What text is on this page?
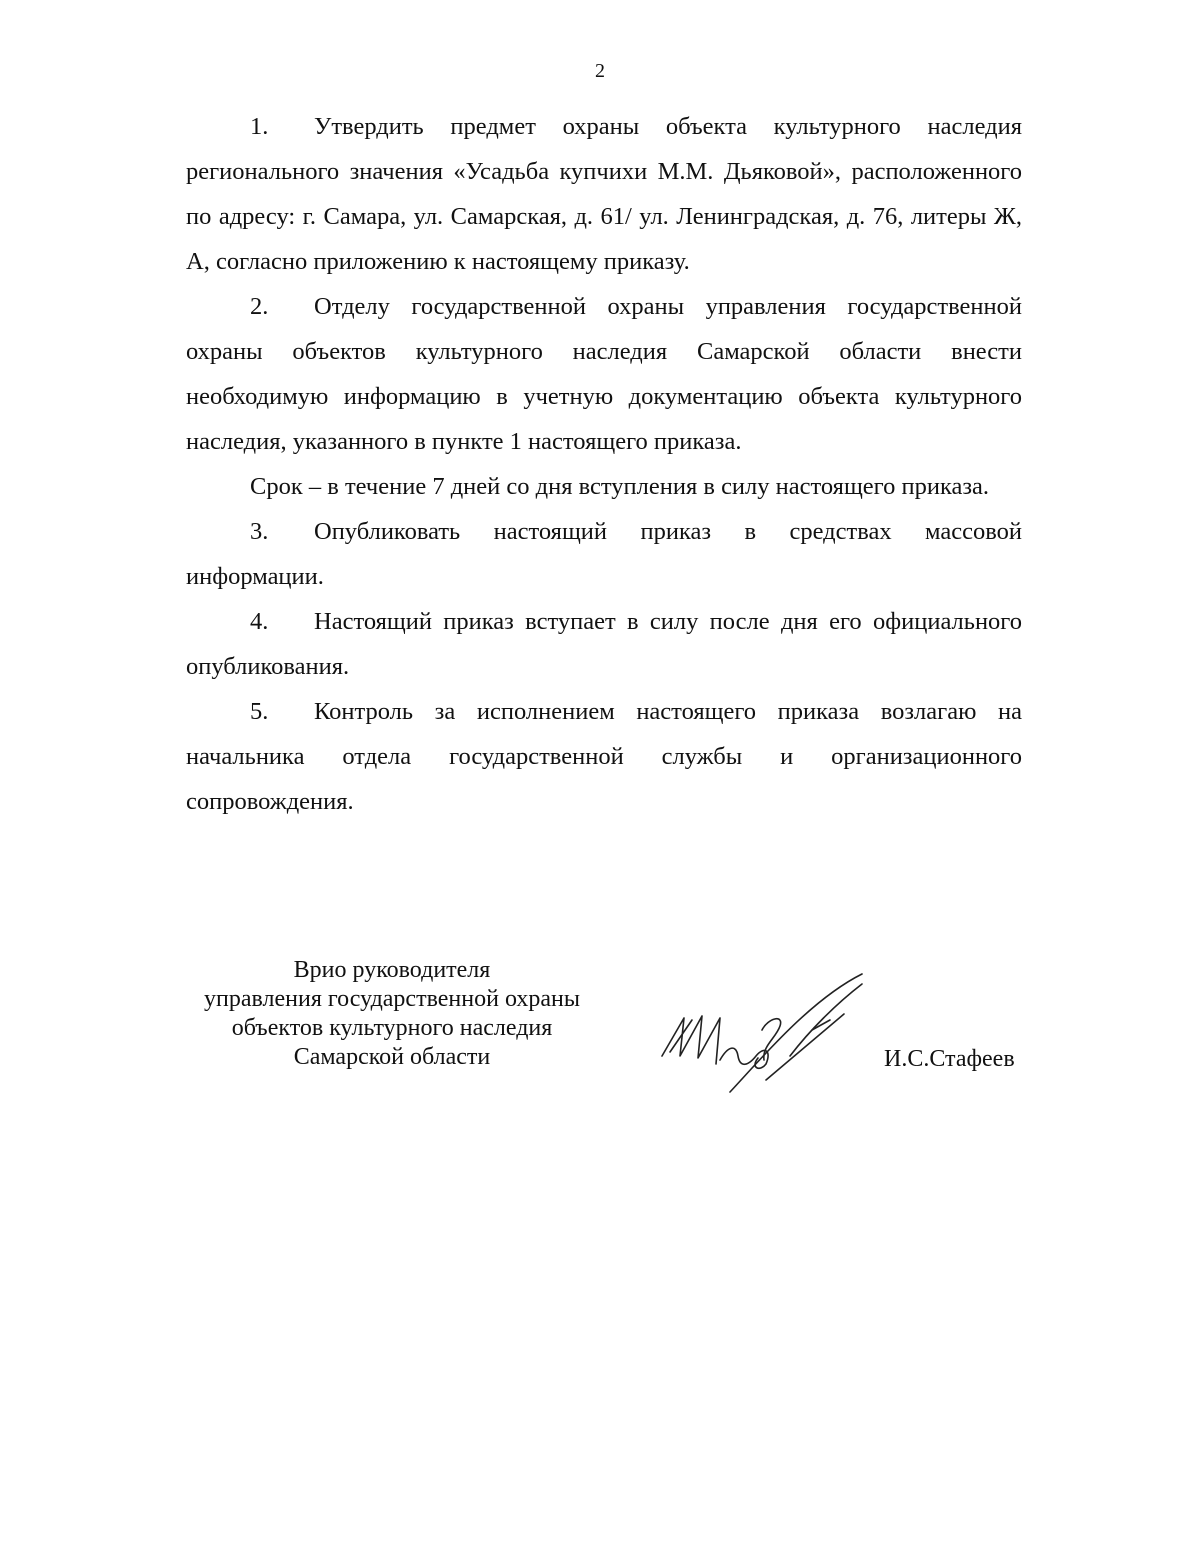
2

1. Утвердить предмет охраны объекта культурного наследия регионального значения «Усадьба купчихи М.М. Дьяковой», расположенного по адресу: г. Самара, ул. Самарская, д. 61/ ул. Ленинградская, д. 76, литеры Ж, А, согласно приложению к настоящему приказу.

2. Отделу государственной охраны управления государственной охраны объектов культурного наследия Самарской области внести необходимую информацию в учетную документацию объекта культурного наследия, указанного в пункте 1 настоящего приказа.

Срок – в течение 7 дней со дня вступления в силу настоящего приказа.

3. Опубликовать настоящий приказ в средствах массовой информации.

4. Настоящий приказ вступает в силу после дня его официального опубликования.

5. Контроль за исполнением настоящего приказа возлагаю на начальника отдела государственной службы и организационного сопровождения.

Врио руководителя
управления государственной охраны
объектов культурного наследия
Самарской области	И.С.Стафеев
